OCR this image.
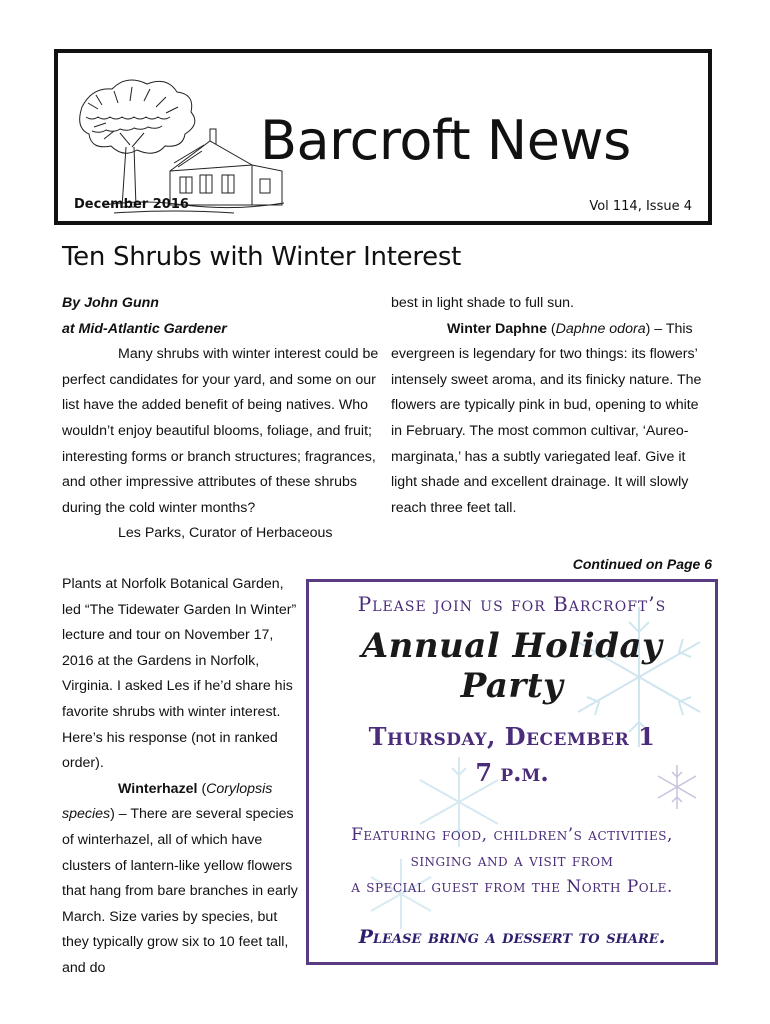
Barcroft News
December 2016	Vol 114, Issue 4
Ten Shrubs with Winter Interest

By John Gunn

at Mid-Atlantic Gardener

Many shrubs with winter interest could be perfect candidates for your yard, and some on our list have the added benefit of being natives. Who wouldn’t enjoy beautiful blooms, foliage, and fruit; interesting forms or branch structures; fragrances, and other impressive attributes of these shrubs during the cold winter months?

Les Parks, Curator of Herbaceous

Plants at Norfolk Botanical Garden, led “The Tidewater Garden In Winter” lecture and tour on November 17, 2016 at the Gardens in Norfolk, Virginia. I asked Les if he’d share his favorite shrubs with winter interest. Here’s his response (not in ranked order).

Winterhazel (Corylopsis species) – There are several species of winterhazel, all of which have clusters of lantern-like yellow flowers that hang from bare branches in early March. Size varies by species, but they typically grow six to 10 feet tall, and do

best in light shade to full sun.

Winter Daphne (Daphne odora) – This evergreen is legendary for two things: its flowers’ intensely sweet aroma, and its finicky nature. The flowers are typically pink in bud, opening to white in February. The most common cultivar, ‘Aureo-marginata,’ has a subtly variegated leaf. Give it light shade and excellent drainage. It will slowly reach three feet tall.

Continued on Page 6
Please join us for Barcroft’s
Annual Holiday Party
Thursday, December 1
7 p.m.
Featuring food, children’s activities,
singing and a visit from
a special guest from the North Pole.
Please bring a dessert to share.
